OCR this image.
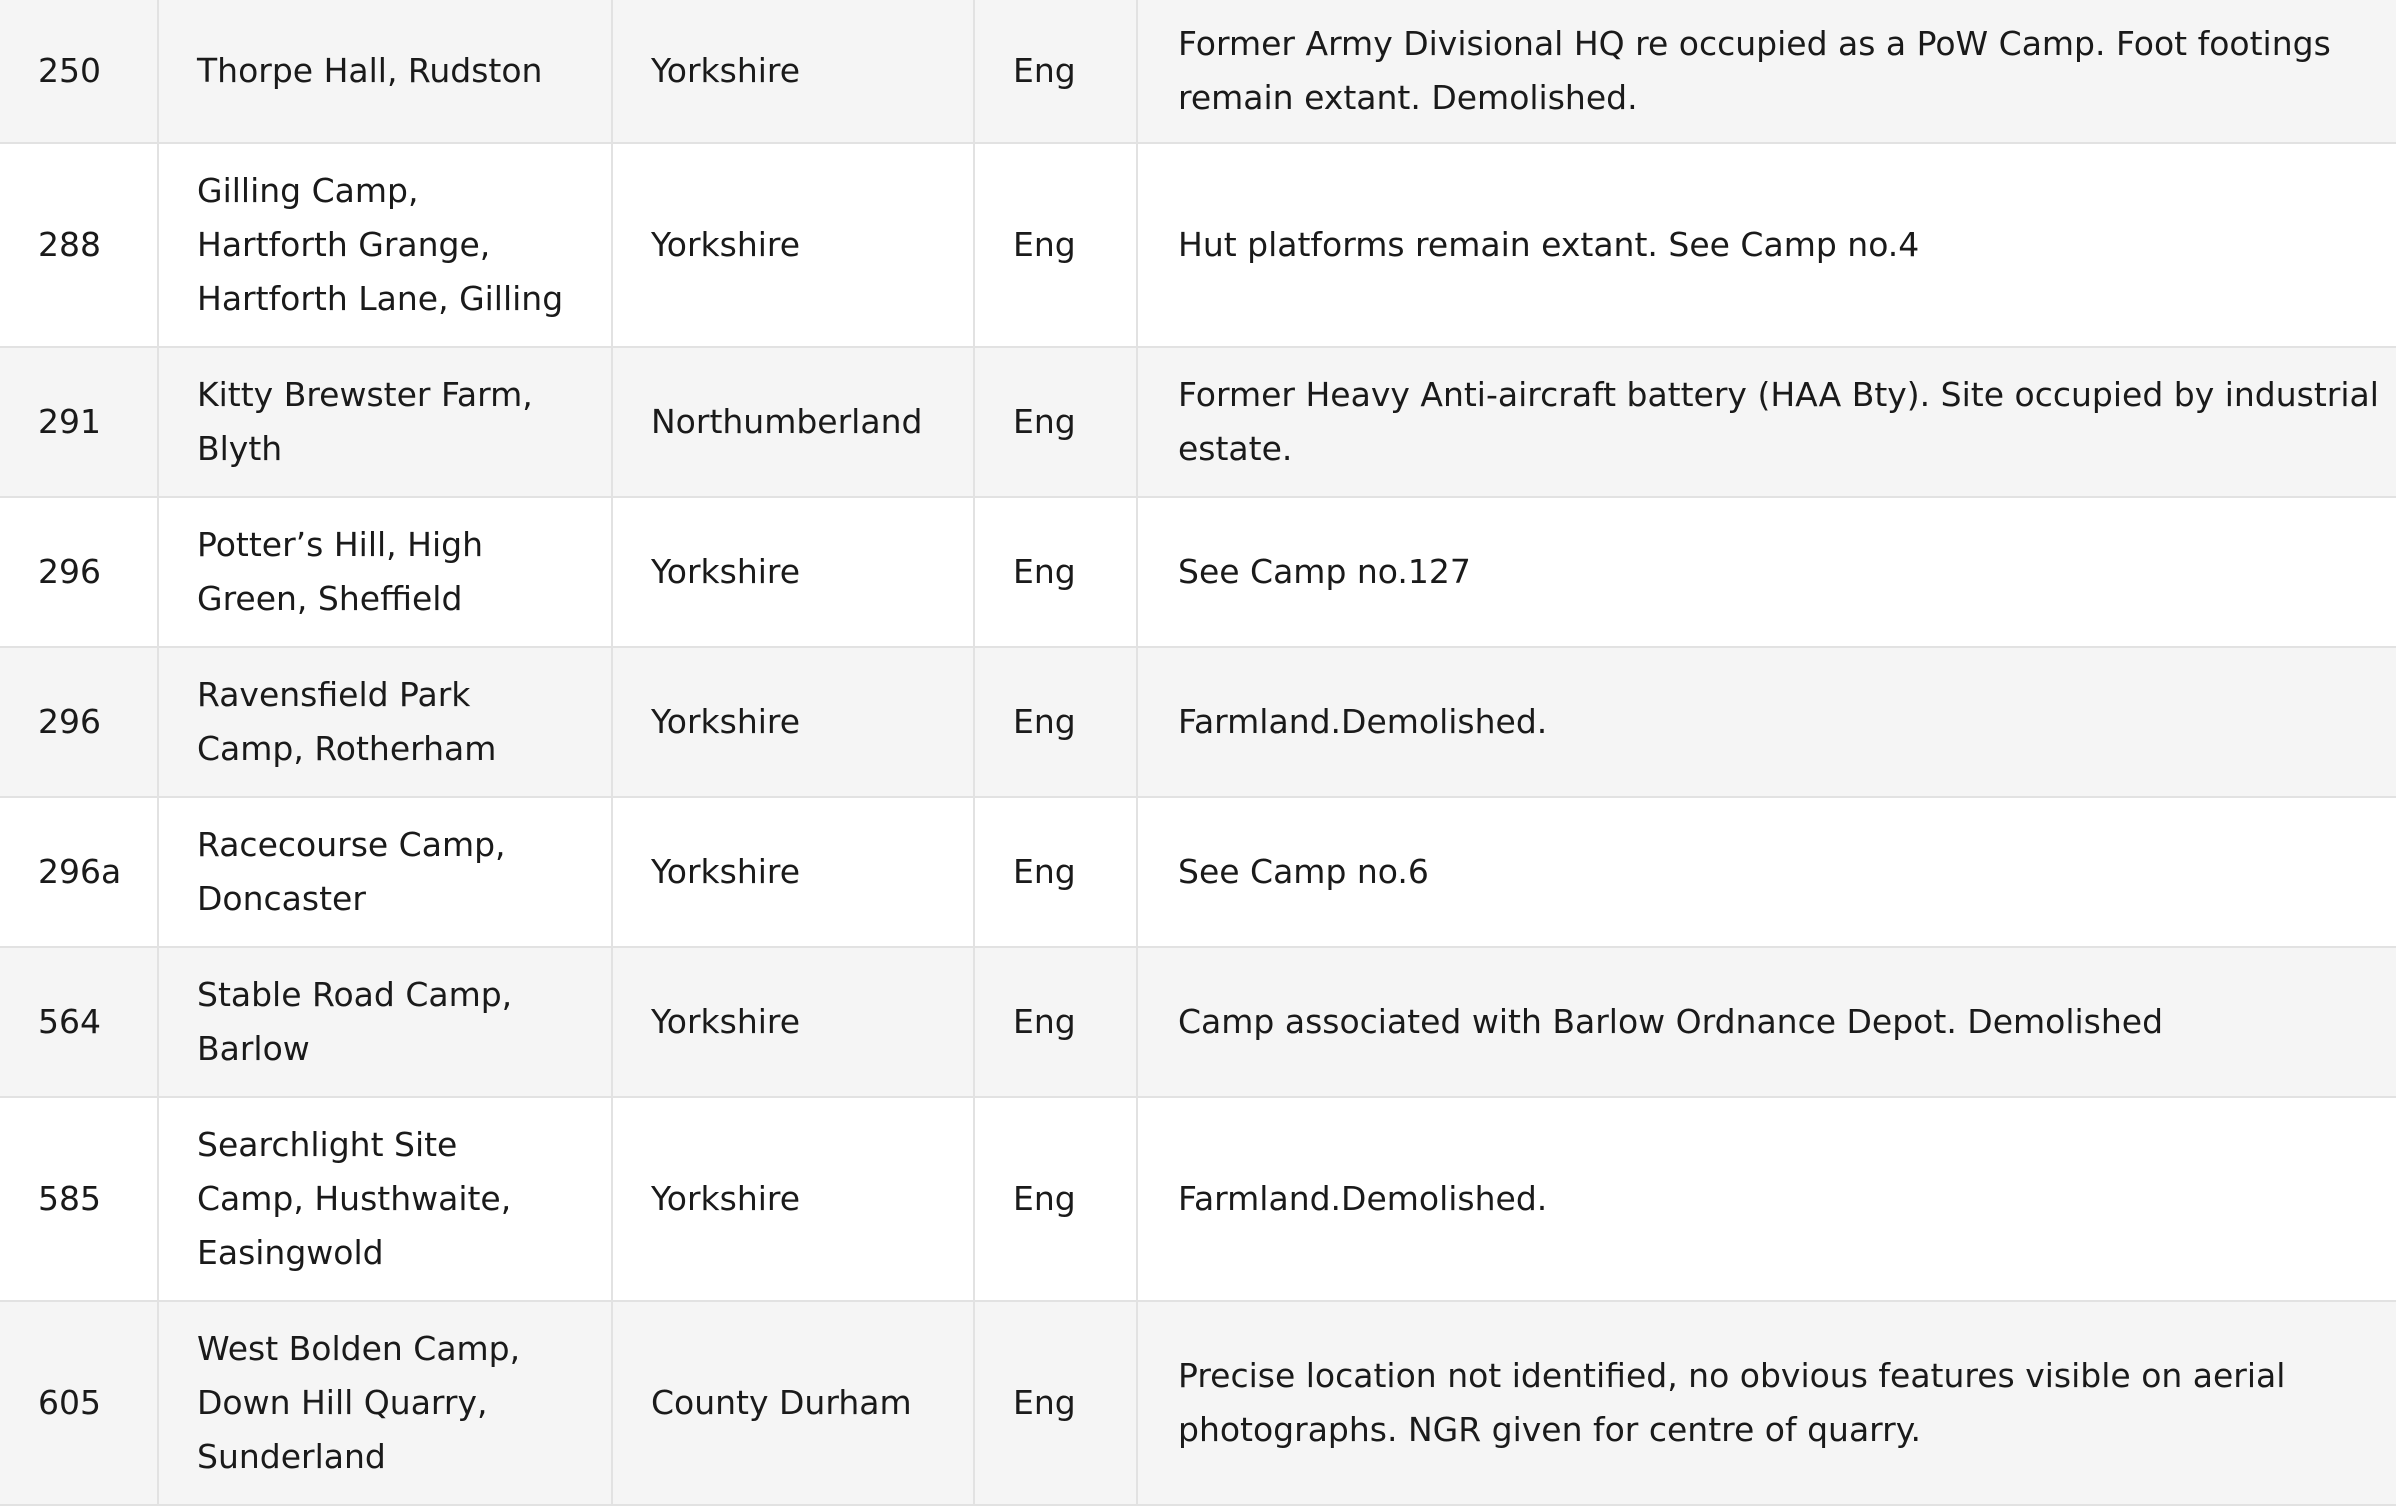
250	Thorpe Hall, Rudston	Yorkshire	Eng	Former Army Divisional HQ re occupied as a PoW Camp. Foot footings remain extant. Demolished.
288	Gilling Camp, Hartforth Grange, Hartforth Lane, Gilling	Yorkshire	Eng	Hut platforms remain extant. See Camp no.4
291	Kitty Brewster Farm, Blyth	Northumberland	Eng	Former Heavy Anti-aircraft battery (HAA Bty). Site occupied by industrial estate.
296	Potter’s Hill, High Green, Sheffield	Yorkshire	Eng	See Camp no.127
296	Ravensfield Park Camp, Rotherham	Yorkshire	Eng	Farmland.Demolished.
296a	Racecourse Camp, Doncaster	Yorkshire	Eng	See Camp no.6
564	Stable Road Camp, Barlow	Yorkshire	Eng	Camp associated with Barlow Ordnance Depot. Demolished
585	Searchlight Site Camp, Husthwaite, Easingwold	Yorkshire	Eng	Farmland.Demolished.
605	West Bolden Camp, Down Hill Quarry, Sunderland	County Durham	Eng	Precise location not identified, no obvious features visible on aerial photographs. NGR given for centre of quarry.
